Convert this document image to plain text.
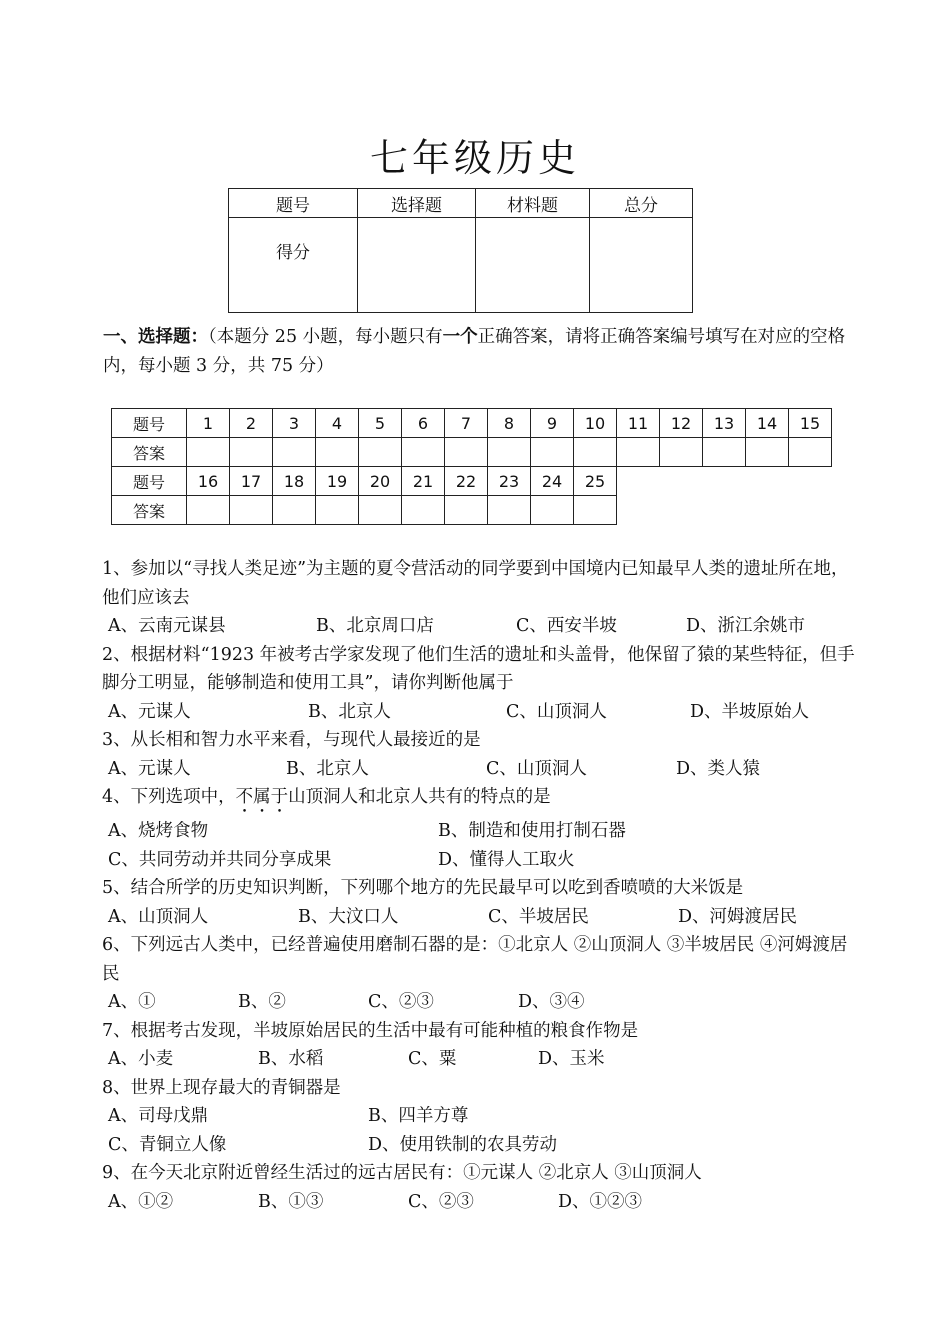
七年级历史
题号	选择题	材料题	总分
得分			
一、选择题：（本题分 25 小题，每小题只有一个正确答案，请将正确答案编号填写在对应的空格内，每小题 3 分，共 75 分）
题号	1	2	3	4	5	6	7	8	9	10	11	12	13	14	15
答案															
题号	16	17	18	19	20	21	22	23	24	25					
答案															
1、参加以“寻找人类足迹”为主题的夏令营活动的同学要到中国境内已知最早人类的遗址所在地，他们应该去
A、云南元谋县	B、北京周口店	C、西安半坡	D、浙江余姚市
2、根据材料“1923 年被考古学家发现了他们生活的遗址和头盖骨，他保留了猿的某些特征，但手脚分工明显，能够制造和使用工具”，请你判断他属于
A、元谋人	B、北京人	C、山顶洞人	D、半坡原始人
3、从长相和智力水平来看，与现代人最接近的是
A、元谋人	B、北京人	C、山顶洞人	D、类人猿
4、下列选项中，不属于山顶洞人和北京人共有的特点的是
A、烧烤食物	B、制造和使用打制石器
C、共同劳动并共同分享成果	D、懂得人工取火
5、结合所学的历史知识判断，下列哪个地方的先民最早可以吃到香喷喷的大米饭是
A、山顶洞人	B、大汶口人	C、半坡居民	D、河姆渡居民
6、下列远古人类中，已经普遍使用磨制石器的是：①北京人 ②山顶洞人 ③半坡居民 ④河姆渡居民
A、①	B、②	C、②③	D、③④
7、根据考古发现，半坡原始居民的生活中最有可能种植的粮食作物是
A、小麦	B、水稻	C、粟	D、玉米
8、世界上现存最大的青铜器是
A、司母戊鼎	B、四羊方尊
C、青铜立人像	D、使用铁制的农具劳动
9、在今天北京附近曾经生活过的远古居民有：①元谋人 ②北京人 ③山顶洞人
A、①②	B、①③	C、②③	D、①②③
